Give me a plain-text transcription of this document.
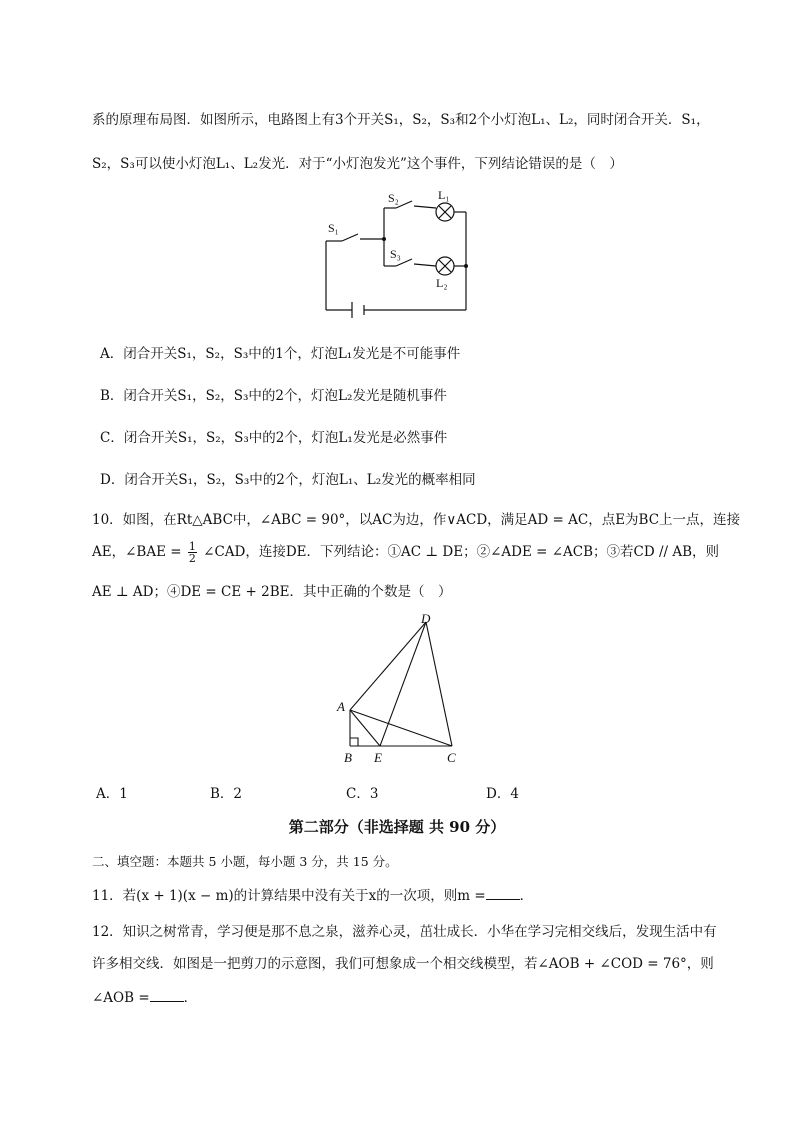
系的原理布局图．如图所示，电路图上有3个开关S₁，S₂，S₃和2个小灯泡L₁、L₂，同时闭合开关．S₁，
S₂，S₃可以使小灯泡L₁、L₂发光．对于“小灯泡发光”这个事件，下列结论错误的是（　）
S₁
S₂
S₃
L₁
L₂
A．闭合开关S₁，S₂，S₃中的1个，灯泡L₁发光是不可能事件
B．闭合开关S₁，S₂，S₃中的2个，灯泡L₂发光是随机事件
C．闭合开关S₁，S₂，S₃中的2个，灯泡L₁发光是必然事件
D．闭合开关S₁，S₂，S₃中的2个，灯泡L₁、L₂发光的概率相同
10．如图，在Rt△ABC中，∠ABC = 90°，以AC为边，作∨ACD，满足AD = AC，点E为BC上一点，连接
AE，∠BAE = $\frac{1}{2}$ ∠CAD，连接DE．下列结论：①AC ⊥ DE；②∠ADE = ∠ACB；③若CD // AB，则
AE ⊥ AD；④DE = CE + 2BE．其中正确的个数是（　）
A
B	C
D
E
A．1	B．2	C．3	D．4
第二部分（非选择题 共 90 分）
二、填空题：本题共 5 小题，每小题 3 分，共 15 分。
11．若(x + 1)(x − m)的计算结果中没有关于x的一次项，则m =	．
12．知识之树常青，学习便是那不息之泉，滋养心灵，茁壮成长．小华在学习完相交线后，发现生活中有
许多相交线．如图是一把剪刀的示意图，我们可想象成一个相交线模型，若∠AOB + ∠COD = 76°，则
∠AOB =	．
